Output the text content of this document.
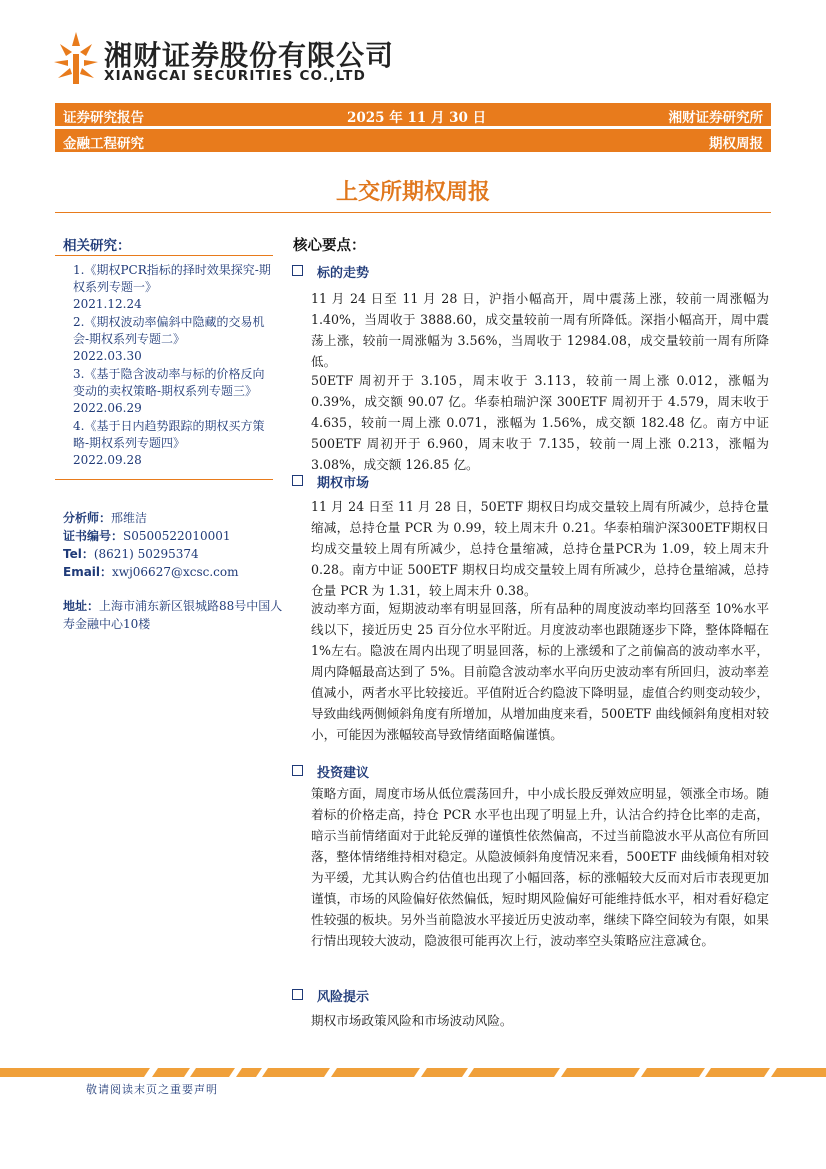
湘财证券股份有限公司
XIANGCAI SECURITIES CO.,LTD
证券研究报告	2025 年 11 月 30 日	湘财证券研究所
金融工程研究	期权周报
上交所期权周报
相关研究：
1.《期权PCR指标的择时效果探究-期权系列专题一》
2021.12.24
2.《期权波动率偏斜中隐藏的交易机会-期权系列专题二》
2022.03.30
3.《基于隐含波动率与标的价格反向变动的卖权策略-期权系列专题三》
2022.06.29
4.《基于日内趋势跟踪的期权买方策略-期权系列专题四》
2022.09.28
分析师：邢维洁
证书编号：S0500522010001
Tel：(8621) 50295374
Email：xwj06627@xcsc.com
地址：上海市浦东新区银城路88号中国人寿金融中心10楼
核心要点：
标的走势
11 月 24 日至 11 月 28 日，沪指小幅高开，周中震荡上涨，较前一周涨幅为 1.40%，当周收于 3888.60，成交量较前一周有所降低。深指小幅高开，周中震荡上涨，较前一周涨幅为 3.56%，当周收于 12984.08，成交量较前一周有所降低。
50ETF 周初开于 3.105，周末收于 3.113，较前一周上涨 0.012，涨幅为 0.39%，成交额 90.07 亿。华泰柏瑞沪深 300ETF 周初开于 4.579，周末收于 4.635，较前一周上涨 0.071，涨幅为 1.56%，成交额 182.48 亿。南方中证 500ETF 周初开于 6.960，周末收于 7.135，较前一周上涨 0.213，涨幅为 3.08%，成交额 126.85 亿。
期权市场
11 月 24 日至 11 月 28 日，50ETF 期权日均成交量较上周有所减少，总持仓量缩减，总持仓量 PCR 为 0.99，较上周末升 0.21。华泰柏瑞沪深300ETF期权日均成交量较上周有所减少，总持仓量缩减，总持仓量PCR为 1.09，较上周末升 0.28。南方中证 500ETF 期权日均成交量较上周有所减少，总持仓量缩减，总持仓量 PCR 为 1.31，较上周末升 0.38。
波动率方面，短期波动率有明显回落，所有品种的周度波动率均回落至 10%水平线以下，接近历史 25 百分位水平附近。月度波动率也跟随逐步下降，整体降幅在 1%左右。隐波在周内出现了明显回落，标的上涨缓和了之前偏高的波动率水平，周内降幅最高达到了 5%。目前隐含波动率水平向历史波动率有所回归，波动率差值减小，两者水平比较接近。平值附近合约隐波下降明显，虚值合约则变动较少，导致曲线两侧倾斜角度有所增加，从增加曲度来看，500ETF 曲线倾斜角度相对较小，可能因为涨幅较高导致情绪面略偏谨慎。
投资建议
策略方面，周度市场从低位震荡回升，中小成长股反弹效应明显，领涨全市场。随着标的价格走高，持仓 PCR 水平也出现了明显上升，认沽合约持仓比率的走高，暗示当前情绪面对于此轮反弹的谨慎性依然偏高，不过当前隐波水平从高位有所回落，整体情绪维持相对稳定。从隐波倾斜角度情况来看，500ETF 曲线倾角相对较为平缓，尤其认购合约估值也出现了小幅回落，标的涨幅较大反而对后市表现更加谨慎，市场的风险偏好依然偏低，短时期风险偏好可能维持低水平，相对看好稳定性较强的板块。另外当前隐波水平接近历史波动率，继续下降空间较为有限，如果行情出现较大波动，隐波很可能再次上行，波动率空头策略应注意减仓。
风险提示
期权市场政策风险和市场波动风险。
敬请阅读末页之重要声明
